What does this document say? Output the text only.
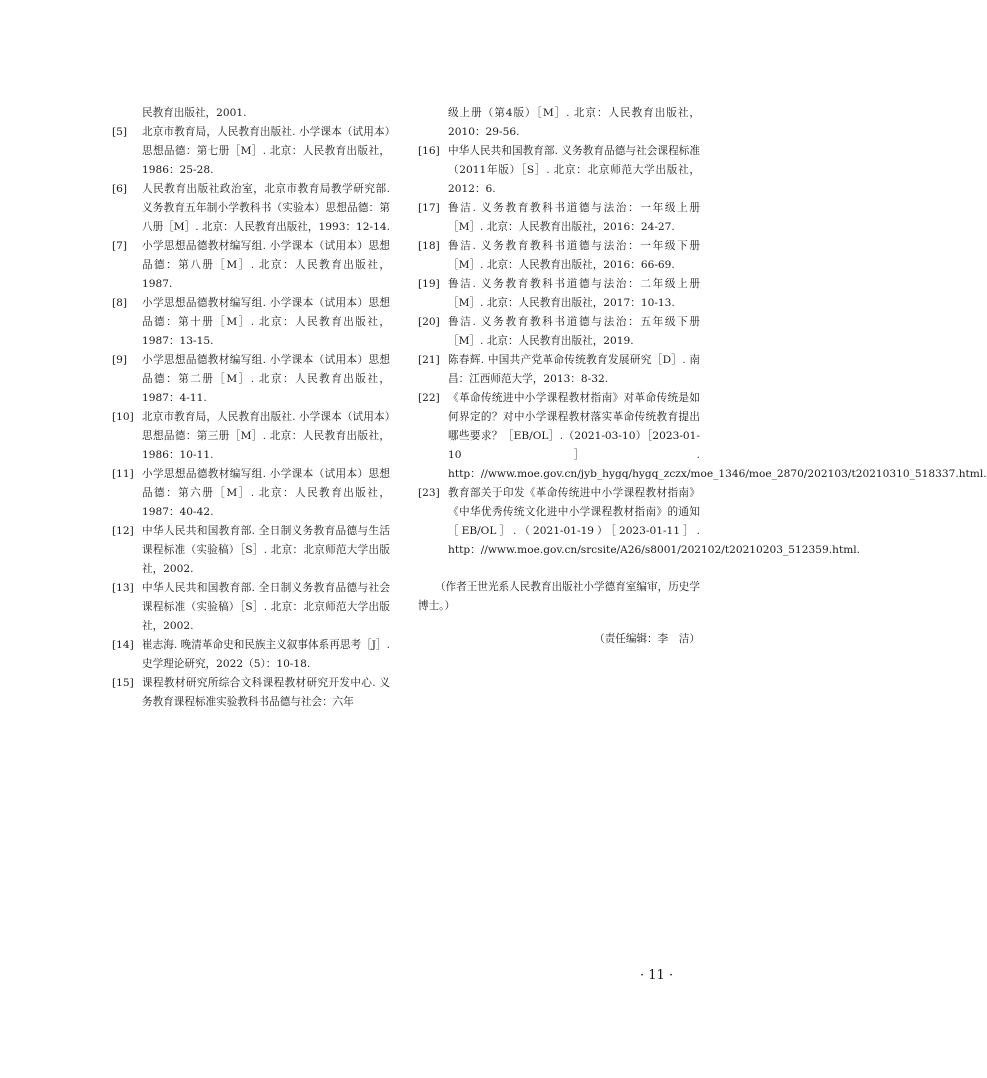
民教育出版社，2001.

[5]	北京市教育局，人民教育出版社. 小学课本（试用本）思想品德：第七册［M］. 北京：人民教育出版社，1986：25-28.

[6]	人民教育出版社政治室，北京市教育局教学研究部. 义务教育五年制小学教科书（实验本）思想品德：第八册［M］. 北京：人民教育出版社，1993：12-14.

[7]	小学思想品德教材编写组. 小学课本（试用本）思想品德：第八册［M］. 北京：人民教育出版社，1987.

[8]	小学思想品德教材编写组. 小学课本（试用本）思想品德：第十册［M］. 北京：人民教育出版社，1987：13-15.

[9]	小学思想品德教材编写组. 小学课本（试用本）思想品德：第二册［M］. 北京：人民教育出版社，1987：4-11.

[10] 北京市教育局，人民教育出版社. 小学课本（试用本）思想品德：第三册［M］. 北京：人民教育出版社，1986：10-11.

[11] 小学思想品德教材编写组. 小学课本（试用本）思想品德：第六册［M］. 北京：人民教育出版社，1987：40-42.

[12] 中华人民共和国教育部. 全日制义务教育品德与生活课程标准（实验稿）［S］. 北京：北京师范大学出版社，2002.

[13] 中华人民共和国教育部. 全日制义务教育品德与社会课程标准（实验稿）［S］. 北京：北京师范大学出版社，2002.

[14] 崔志海. 晚清革命史和民族主义叙事体系再思考［J］. 史学理论研究，2022（5）：10-18.

[15] 课程教材研究所综合文科课程教材研究开发中心. 义务教育课程标准实验教科书品德与社会：六年

级上册（第4版）［M］. 北京：人民教育出版社，2010：29-56.

[16] 中华人民共和国教育部. 义务教育品德与社会课程标准（2011年版）［S］. 北京：北京师范大学出版社，2012：6.

[17] 鲁洁. 义务教育教科书道德与法治：一年级上册［M］. 北京：人民教育出版社，2016：24-27.

[18] 鲁洁. 义务教育教科书道德与法治：一年级下册［M］. 北京：人民教育出版社，2016：66-69.

[19] 鲁洁. 义务教育教科书道德与法治：二年级上册［M］. 北京：人民教育出版社，2017：10-13.

[20] 鲁洁. 义务教育教科书道德与法治：五年级下册［M］. 北京：人民教育出版社，2019.

[21] 陈春辉. 中国共产党革命传统教育发展研究［D］. 南昌：江西师范大学，2013：8-32.

[22] 《革命传统进中小学课程教材指南》对革命传统是如何界定的？对中小学课程教材落实革命传统教育提出哪些要求？［EB/OL］.（2021-03-10）［2023-01-10］. http：//www.moe.gov.cn/jyb_hygq/hygq_zczx/moe_1346/moe_2870/202103/t20210310_518337.html.

[23] 教育部关于印发《革命传统进中小学课程教材指南》《中华优秀传统文化进中小学课程教材指南》的通知［EB/OL］.（2021-01-19）［2023-01-11］. http：//www.moe.gov.cn/srcsite/A26/s8001/202102/t20210203_512359.html.

（作者王世光系人民教育出版社小学德育室编审，历史学博士。）

（责任编辑：李　洁）

· 11 ·
